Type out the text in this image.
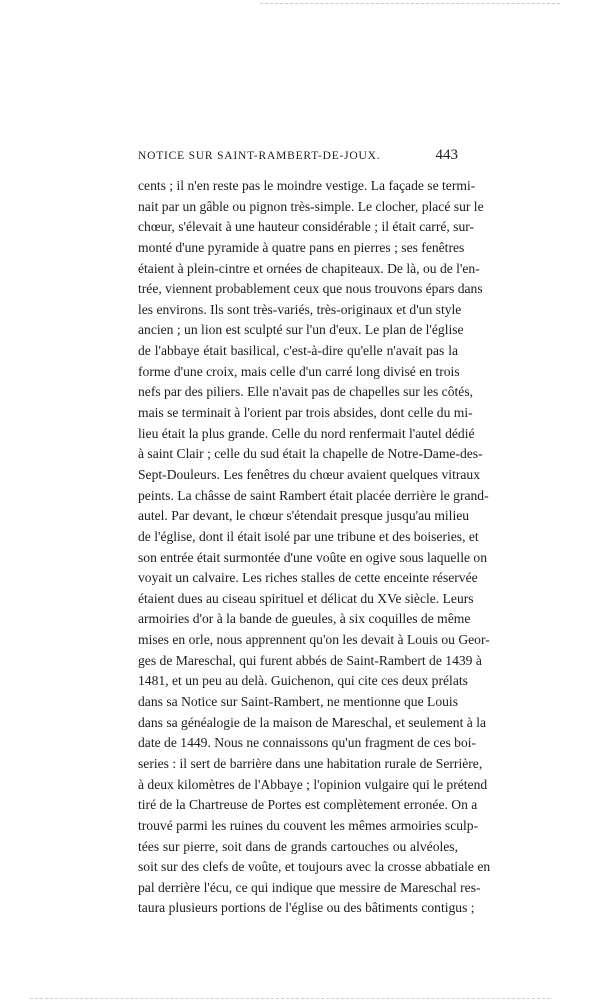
NOTICE SUR SAINT-RAMBERT-DE-JOUX.	443
cents ; il n'en reste pas le moindre vestige. La façade se termi-
nait par un gâble ou pignon très-simple. Le clocher, placé sur le
chœur, s'élevait à une hauteur considérable ; il était carré, sur-
monté d'une pyramide à quatre pans en pierres ; ses fenêtres
étaient à plein-cintre et ornées de chapiteaux. De là, ou de l'en-
trée, viennent probablement ceux que nous trouvons épars dans
les environs. Ils sont très-variés, très-originaux et d'un style
ancien ; un lion est sculpté sur l'un d'eux. Le plan de l'église
de l'abbaye était basilical, c'est-à-dire qu'elle n'avait pas la
forme d'une croix, mais celle d'un carré long divisé en trois
nefs par des piliers. Elle n'avait pas de chapelles sur les côtés,
mais se terminait à l'orient par trois absides, dont celle du mi-
lieu était la plus grande. Celle du nord renfermait l'autel dédié
à saint Clair ; celle du sud était la chapelle de Notre-Dame-des-
Sept-Douleurs. Les fenêtres du chœur avaient quelques vitraux
peints. La châsse de saint Rambert était placée derrière le grand-
autel. Par devant, le chœur s'étendait presque jusqu'au milieu
de l'église, dont il était isolé par une tribune et des boiseries, et
son entrée était surmontée d'une voûte en ogive sous laquelle on
voyait un calvaire. Les riches stalles de cette enceinte réservée
étaient dues au ciseau spirituel et délicat du XVe siècle. Leurs
armoiries d'or à la bande de gueules, à six coquilles de même
mises en orle, nous apprennent qu'on les devait à Louis ou Geor-
ges de Mareschal, qui furent abbés de Saint-Rambert de 1439 à
1481, et un peu au delà. Guichenon, qui cite ces deux prélats
dans sa Notice sur Saint-Rambert, ne mentionne que Louis
dans sa généalogie de la maison de Mareschal, et seulement à la
date de 1449. Nous ne connaissons qu'un fragment de ces boi-
series : il sert de barrière dans une habitation rurale de Serrière,
à deux kilomètres de l'Abbaye ; l'opinion vulgaire qui le prétend
tiré de la Chartreuse de Portes est complètement erronée. On a
trouvé parmi les ruines du couvent les mêmes armoiries sculp-
tées sur pierre, soit dans de grands cartouches ou alvéoles,
soit sur des clefs de voûte, et toujours avec la crosse abbatiale en
pal derrière l'écu, ce qui indique que messire de Mareschal res-
taura plusieurs portions de l'église ou des bâtiments contigus ;
